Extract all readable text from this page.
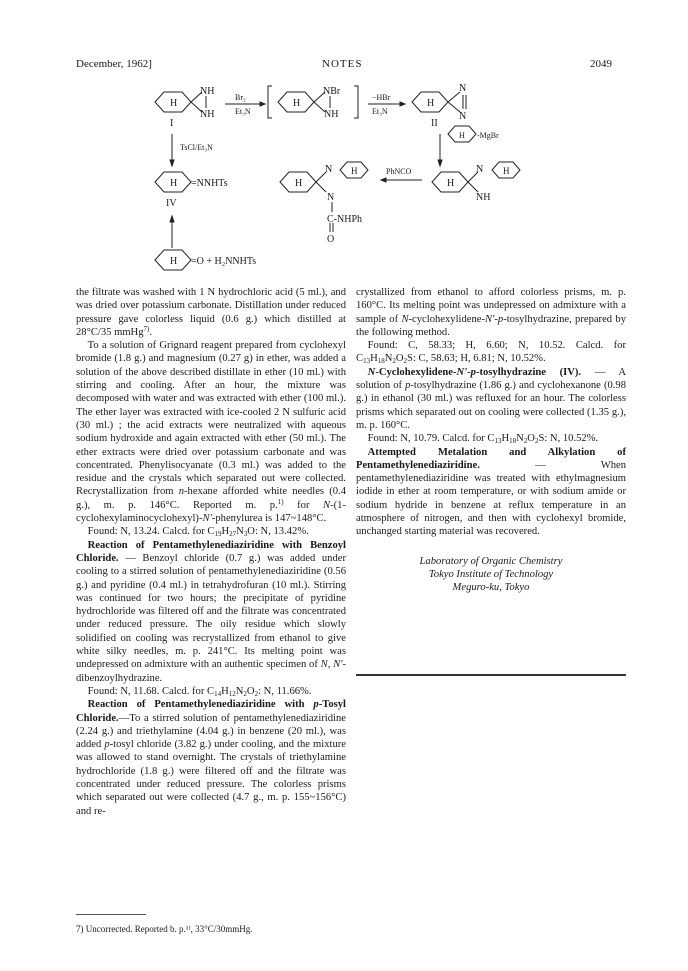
December, 1962]	NOTES	2049
H
NH
NH
I
Br₂
Et₃N
H
NBr
NH
−HBr
Et₃N
H
N
N
II
TsCl/Et₃N
H -MgBr
H =NNHTs
IV
H
N H
N
C-NHPh
O
PhNCO
H
N H
NH
H =O + H₂NNHTs

the filtrate was washed with 1 N hydrochloric acid (5 ml.), and was dried over potassium carbonate. Distillation under reduced pressure gave colorless liquid (0.6 g.) which distilled at 28°C/35 mmHg$^{7)}$.

To a solution of Grignard reagent prepared from cyclohexyl bromide (1.8 g.) and magnesium (0.27 g) in ether, was added a solution of the above described distillate in ether (10 ml.) with stirring and cooling. After an hour, the mixture was decomposed with water and was extracted with ether (100 ml.). The ether layer was extracted with ice-cooled 2 N sulfuric acid (30 ml.) ; the acid extracts were neutralized with aqueous sodium hydroxide and again extracted with ether (50 ml.). The ether extracts were dried over potassium carbonate and was concentrated. Phenylisocyanate (0.3 ml.) was added to the residue and the crystals which separated out were collected. Recrystallization from n-hexane afforded white needles (0.4 g.), m. p. 146°C. Reported m. p.$^{1)}$ for N-(1-cyclohexylaminocyclohexyl)-N'-phenylurea is 147~148°C.

Found: N, 13.24. Calcd. for $C_{19}H_{27}N_3O$: N, 13.42%.

Reaction of Pentamethylenediaziridine with Benzoyl Chloride. — Benzoyl chloride (0.7 g.) was added under cooling to a stirred solution of pentamethylenediaziridine (0.56 g.) and pyridine (0.4 ml.) in tetrahydrofuran (10 ml.). Stirring was continued for two hours; the precipitate of pyridine hydrochloride was filtered off and the filtrate was concentrated under reduced pressure. The oily residue which slowly solidified on cooling was recrystallized from ethanol to give white silky needles, m. p. 241°C. Its melting point was undepressed on admixture with an authentic specimen of N, N'-dibenzoylhydrazine.

Found: N, 11.68. Calcd. for $C_{14}H_{12}N_2O_2$: N, 11.66%.

Reaction of Pentamethylenediaziridine with p-Tosyl Chloride.—To a stirred solution of pentamethylenediaziridine (2.24 g.) and triethylamine (4.04 g.) in benzene (20 ml.), was added p-tosyl chloride (3.82 g.) under cooling, and the mixture was allowed to stand overnight. The crystals of triethylamine hydrochloride (1.8 g.) were filtered off and the filtrate was concentrated under reduced pressure. The colorless prisms which separated out were collected (4.7 g., m. p. 155~156°C) and re-

crystallized from ethanol to afford colorless prisms, m. p. 160°C. Its melting point was undepressed on admixture with a sample of N-cyclohexylidene-N'-p-tosylhydrazine, prepared by the following method.

Found: C, 58.33; H, 6.60; N, 10.52. Calcd. for $C_{13}H_{18}N_2O_2S$: C, 58.63; H, 6.81; N, 10.52%.

N-Cyclohexylidene-N'-p-tosylhydrazine (IV). — A solution of p-tosylhydrazine (1.86 g.) and cyclohexanone (0.98 g.) in ethanol (30 ml.) was refluxed for an hour. The colorless prisms which separated out on cooling were collected (1.35 g.), m. p. 160°C.

Found: N, 10.79. Calcd. for $C_{13}H_{18}N_2O_2S$: N, 10.52%.

Attempted Metalation and Alkylation of Pentamethylenediaziridine. — When pentamethylenediaziridine was treated with ethylmagnesium iodide in ether at room temperature, or with sodium amide or sodium hydride in benzene at reflux temperature in an atmosphere of nitrogen, and then with cyclohexyl bromide, unchanged starting material was recovered.

Laboratory of Organic Chemistry
Tokyo Institute of Technology
Meguro-ku, Tokyo
7) Uncorrected. Reported b. p.¹⁾, 33°C/30mmHg.
